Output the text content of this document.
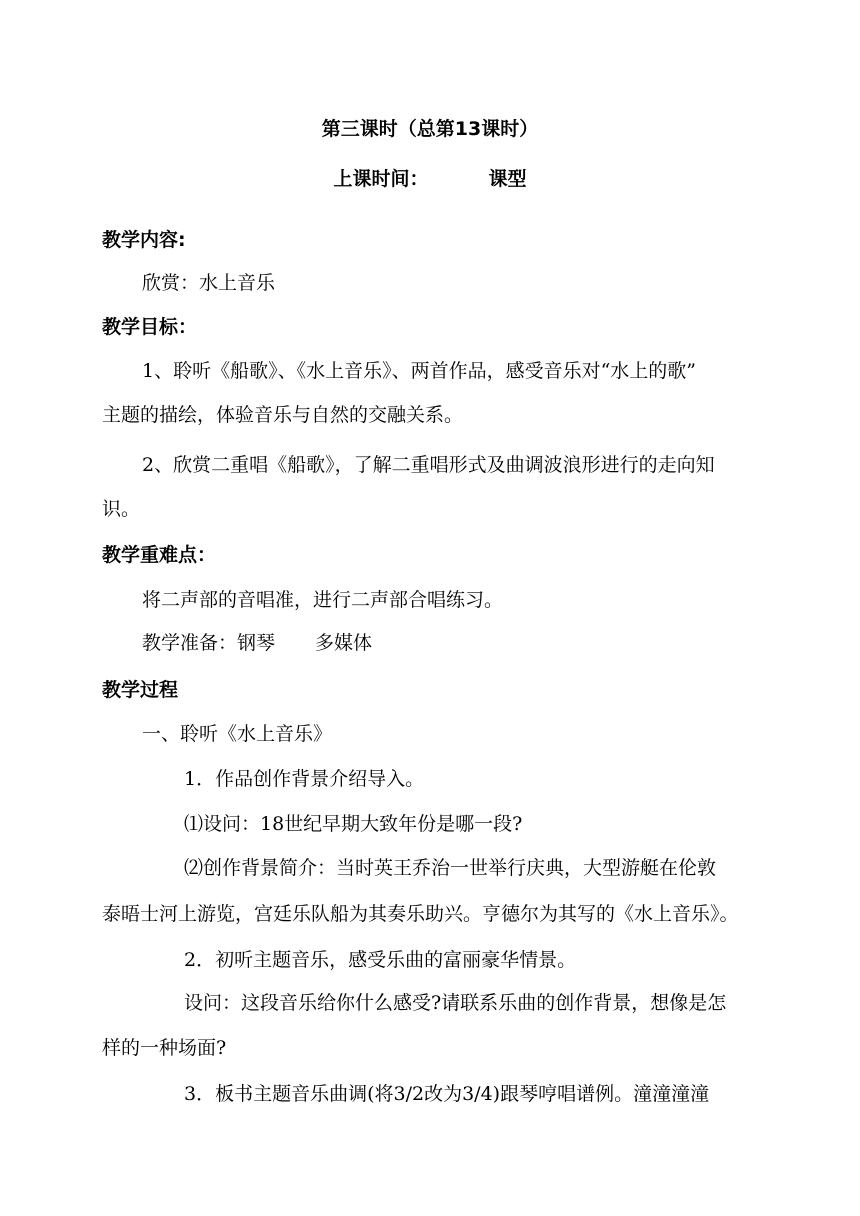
第三课时（总第13课时）
上课时间：	课型
教学内容:
欣赏：水上音乐
教学目标：
1、聆听《船歌》、《水上音乐》、两首作品，感受音乐对“水上的歌”
主题的描绘，体验音乐与自然的交融关系。
2、欣赏二重唱《船歌》，了解二重唱形式及曲调波浪形进行的走向知
识。
教学重难点：
将二声部的音唱准，进行二声部合唱练习。
教学准备：钢琴 多媒体
教学过程
一、聆听《水上音乐》
1．作品创作背景介绍导入。
⑴设问：18世纪早期大致年份是哪一段?
⑵创作背景简介：当时英王乔治一世举行庆典，大型游艇在伦敦
泰晤士河上游览，宫廷乐队船为其奏乐助兴。亨德尔为其写的《水上音乐》。
2．初听主题音乐，感受乐曲的富丽豪华情景。
设问：这段音乐给你什么感受?请联系乐曲的创作背景，想像是怎
样的一种场面?
3．板书主题音乐曲调(将3/2改为3/4)跟琴哼唱谱例。潼潼潼潼
